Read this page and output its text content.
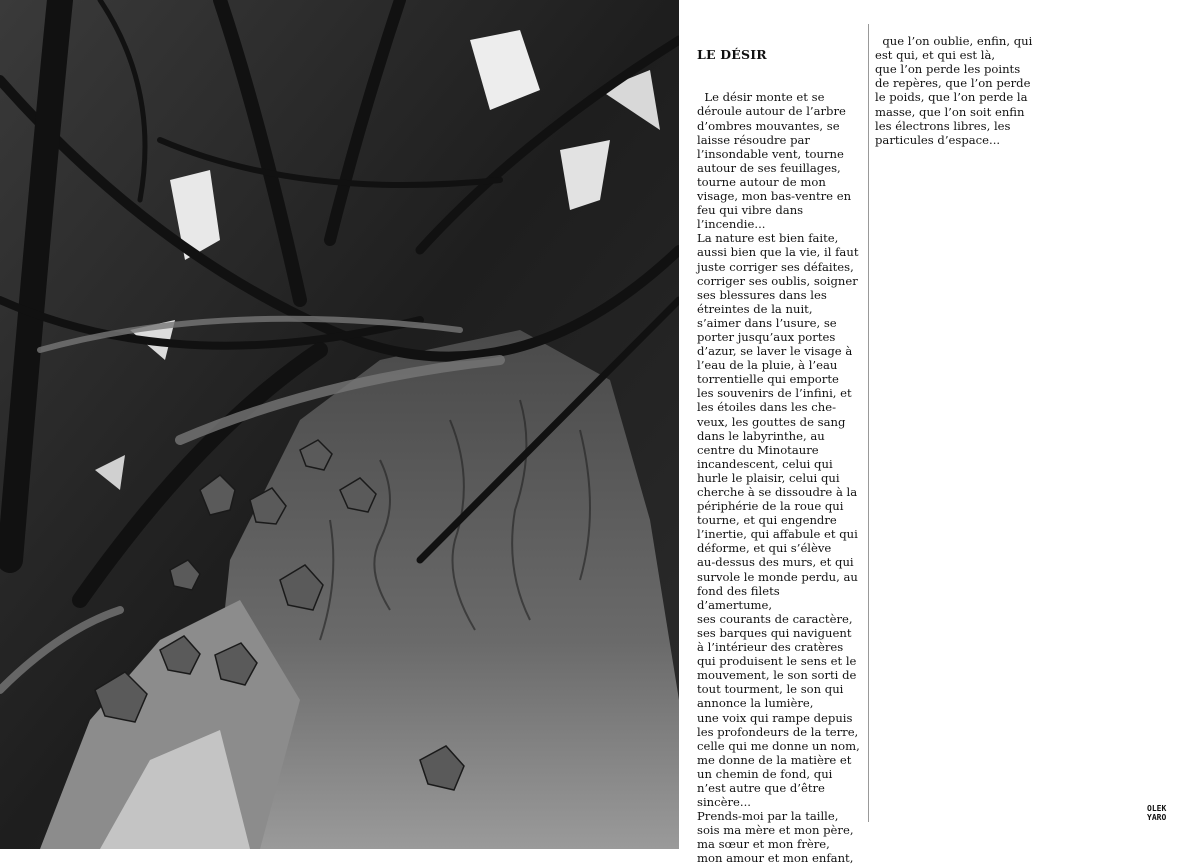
LE DÉSIR

Le désir monte et se
déroule autour de l’arbre
d’ombres mouvantes, se
laisse résoudre par
l’insondable vent, tourne
autour de ses feuillages,
tourne autour de mon
visage, mon bas-ventre en
feu qui vibre dans
l’incendie...
La nature est bien faite,
aussi bien que la vie, il faut
juste corriger ses défaites,
corriger ses oublis, soigner
ses blessures dans les
étreintes de la nuit,
s’aimer dans l’usure, se
porter jusqu’aux portes
d’azur, se laver le visage à
l’eau de la pluie, à l’eau
torrentielle qui emporte
les souvenirs de l’infini, et
les étoiles dans les che-
veux, les gouttes de sang
dans le labyrinthe, au
centre du Minotaure
incandescent, celui qui
hurle le plaisir, celui qui
cherche à se dissoudre à la
périphérie de la roue qui
tourne, et qui engendre
l’inertie, qui affabule et qui
déforme, et qui s’élève
au-dessus des murs, et qui
survole le monde perdu, au
fond des filets
d’amertume,
ses courants de caractère,
ses barques qui naviguent
à l’intérieur des cratères
qui produisent le sens et le
mouvement, le son sorti de
tout tourment, le son qui
annonce la lumière,
une voix qui rampe depuis
les profondeurs de la terre,
celle qui me donne un nom,
me donne de la matière et
un chemin de fond, qui
n’est autre que d’être
sincère...
Prends-moi par la taille,
sois ma mère et mon père,
ma sœur et mon frère,
mon amour et mon enfant,

que l’on oublie, enfin, qui
est qui, et qui est là,
que l’on perde les points
de repères, que l’on perde
le poids, que l’on perde la
masse, que l’on soit enfin
les électrons libres, les
particules d’espace...

OLEK
YARO
